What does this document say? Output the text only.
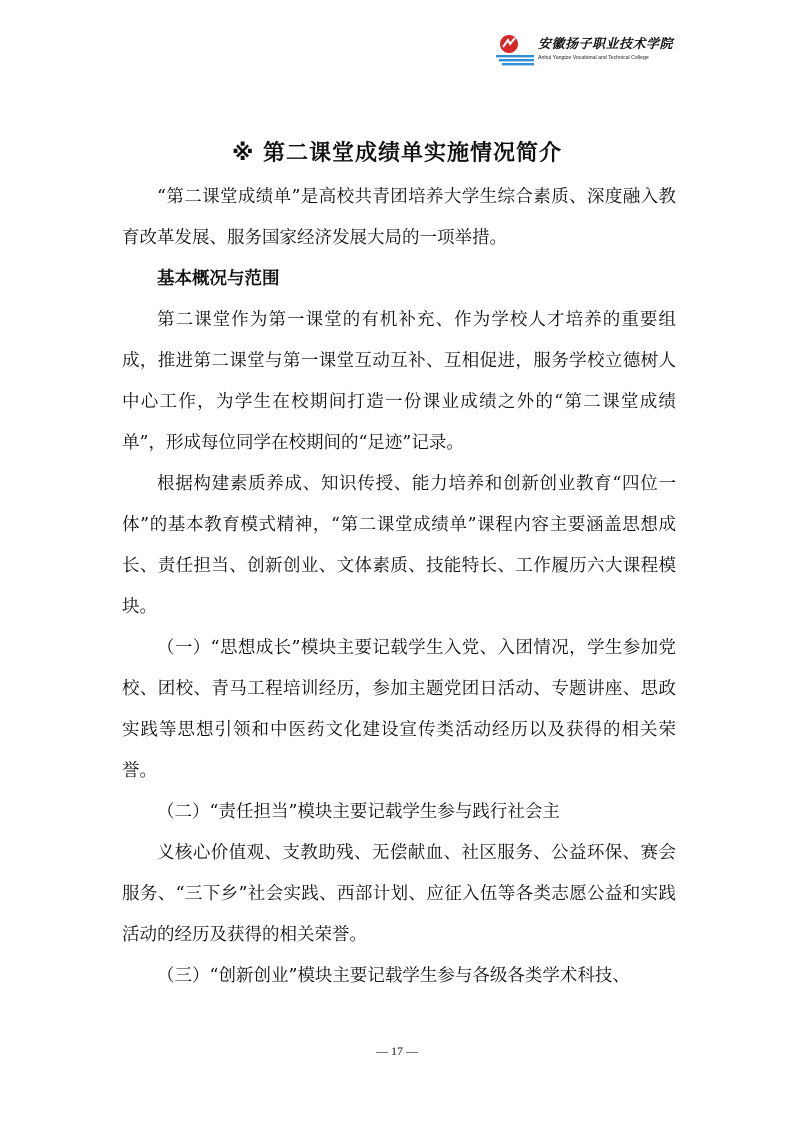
安徽扬子职业技术学院
Anhui Yangtze Vocational and Technical College
※ 第二课堂成绩单实施情况简介

“第二课堂成绩单”是高校共青团培养大学生综合素质、深度融入教育改革发展、服务国家经济发展大局的一项举措。

基本概况与范围

第二课堂作为第一课堂的有机补充、作为学校人才培养的重要组成，推进第二课堂与第一课堂互动互补、互相促进，服务学校立德树人中心工作，为学生在校期间打造一份课业成绩之外的“第二课堂成绩单”，形成每位同学在校期间的“足迹”记录。

根据构建素质养成、知识传授、能力培养和创新创业教育“四位一体”的基本教育模式精神，“第二课堂成绩单”课程内容主要涵盖思想成长、责任担当、创新创业、文体素质、技能特长、工作履历六大课程模块。

（一）“思想成长”模块主要记载学生入党、入团情况，学生参加党校、团校、青马工程培训经历，参加主题党团日活动、专题讲座、思政实践等思想引领和中医药文化建设宣传类活动经历以及获得的相关荣誉。

（二）“责任担当”模块主要记载学生参与践行社会主

义核心价值观、支教助残、无偿献血、社区服务、公益环保、赛会服务、“三下乡”社会实践、西部计划、应征入伍等各类志愿公益和实践活动的经历及获得的相关荣誉。

（三）“创新创业”模块主要记载学生参与各级各类学术科技、

— 17 —
